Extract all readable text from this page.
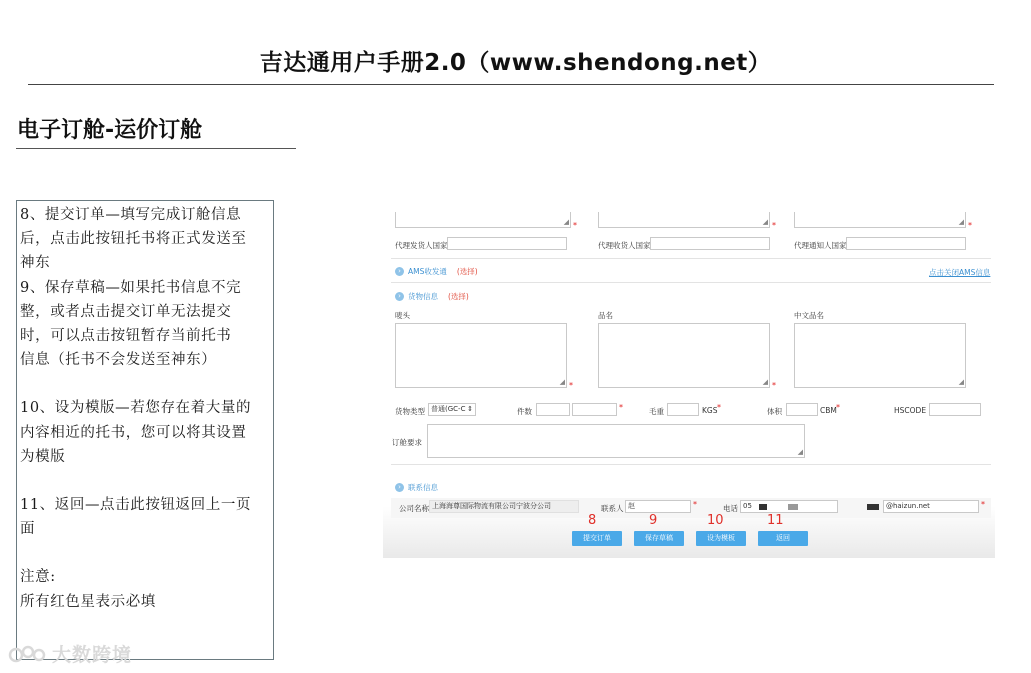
吉达通用户手册2.0（www.shendong.net）
电子订舱-运价订舱

8、提交订单—填写完成订舱信息

后，点击此按钮托书将正式发送至

神东

9、保存草稿—如果托书信息不完

整，或者点击提交订单无法提交

时，可以点击按钮暂存当前托书

信息（托书不会发送至神东）

10、设为模版—若您存在着大量的

内容相近的托书，您可以将其设置

为模版

11、返回—点击此按钮返回上一页

面

注意:

所有红色星表示必填

大数跨境
◢	◢	◢
*	*	*
代理发货人国家	代理收货人国家	代理通知人国家
› AMS收发通 (选择)	点击关闭AMS信息
› 货物信息 (选择)
唛头	品名	中文品名
◢	◢	◢
*	*
货物类型 普通(GC-C ⇕	件数	*	毛重	KGS *	体积	CBM *	HSCODE
订舱要求
◢
› 联系信息
公司名称 上海海尊国际物流有限公司宁波分公司	联系人 赵	*	电话 05	@haizun.net	*
8	9	10	11
提交订单	保存草稿	设为模板	返回
